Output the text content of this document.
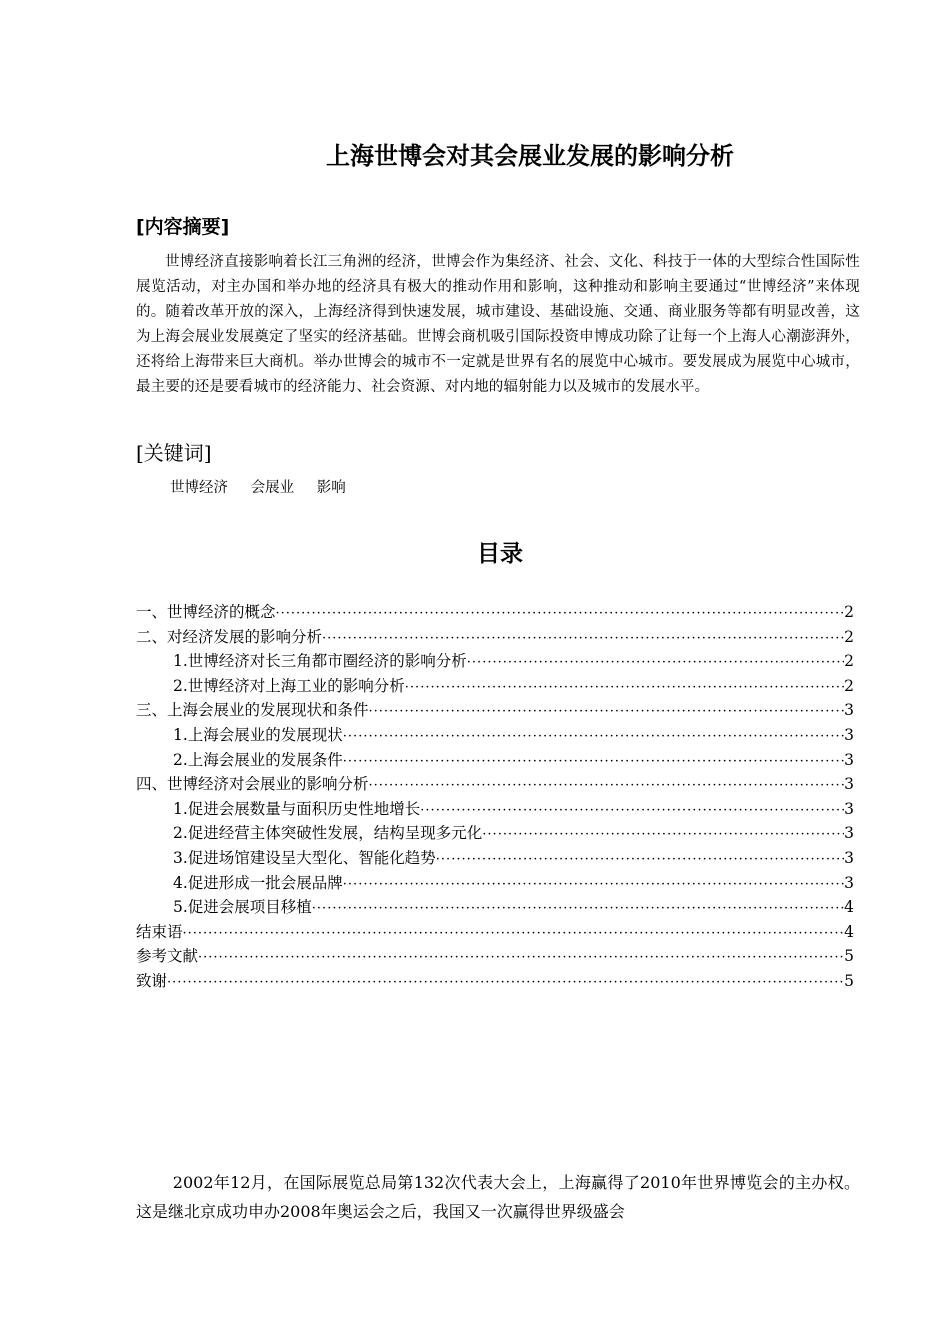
上海世博会对其会展业发展的影响分析
[内容摘要]
世博经济直接影响着长江三角洲的经济，世博会作为集经济、社会、文化、科技于一体的大型综合性国际性展览活动，对主办国和举办地的经济具有极大的推动作用和影响，这种推动和影响主要通过“世博经济”来体现的。随着改革开放的深入，上海经济得到快速发展，城市建设、基础设施、交通、商业服务等都有明显改善，这为上海会展业发展奠定了坚实的经济基础。世博会商机吸引国际投资申博成功除了让每一个上海人心潮澎湃外，还将给上海带来巨大商机。举办世博会的城市不一定就是世界有名的展览中心城市。要发展成为展览中心城市，最主要的还是要看城市的经济能力、社会资源、对内地的辐射能力以及城市的发展水平。
[关键词]
世博经济 会展业 影响
目录
一、世博经济的概念 ·····	2
二、对经济发展的影响分析 ·····	2
1.世博经济对长三角都市圈经济的影响分析 ·····	2
2.世博经济对上海工业的影响分析 ·····	2
三、上海会展业的发展现状和条件 ·····	3
1.上海会展业的发展现状 ·····	3
2.上海会展业的发展条件 ·····	3
四、世博经济对会展业的影响分析 ·····	3
1.促进会展数量与面积历史性地增长 ·····	3
2.促进经营主体突破性发展，结构呈现多元化 ·····	3
3.促进场馆建设呈大型化、智能化趋势 ·····	3
4.促进形成一批会展品牌 ·····	3
5.促进会展项目移植 ·····	4
结束语 ·····	4
参考文献 ·····	5
致谢 ·····	5
2002年12月，在国际展览总局第132次代表大会上，上海赢得了2010年世界博览会的主办权。这是继北京成功申办2008年奥运会之后，我国又一次赢得世界级盛会
